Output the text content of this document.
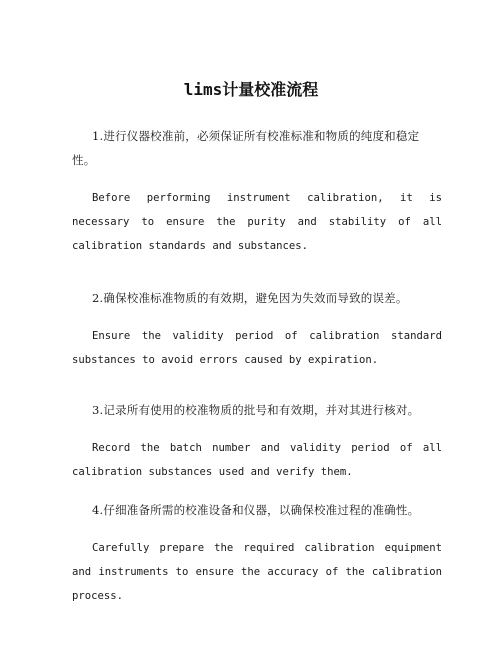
lims计量校准流程

1.进行仪器校准前，必须保证所有校准标准和物质的纯度和稳定性。

Before performing instrument calibration, it is necessary to ensure the purity and stability of all calibration standards and substances.

2.确保校准标准物质的有效期，避免因为失效而导致的误差。

Ensure the validity period of calibration standard substances to avoid errors caused by expiration.

3.记录所有使用的校准物质的批号和有效期，并对其进行核对。

Record the batch number and validity period of all calibration substances used and verify them.

4.仔细准备所需的校准设备和仪器，以确保校准过程的准确性。

Carefully prepare the required calibration equipment and instruments to ensure the accuracy of the calibration process.
